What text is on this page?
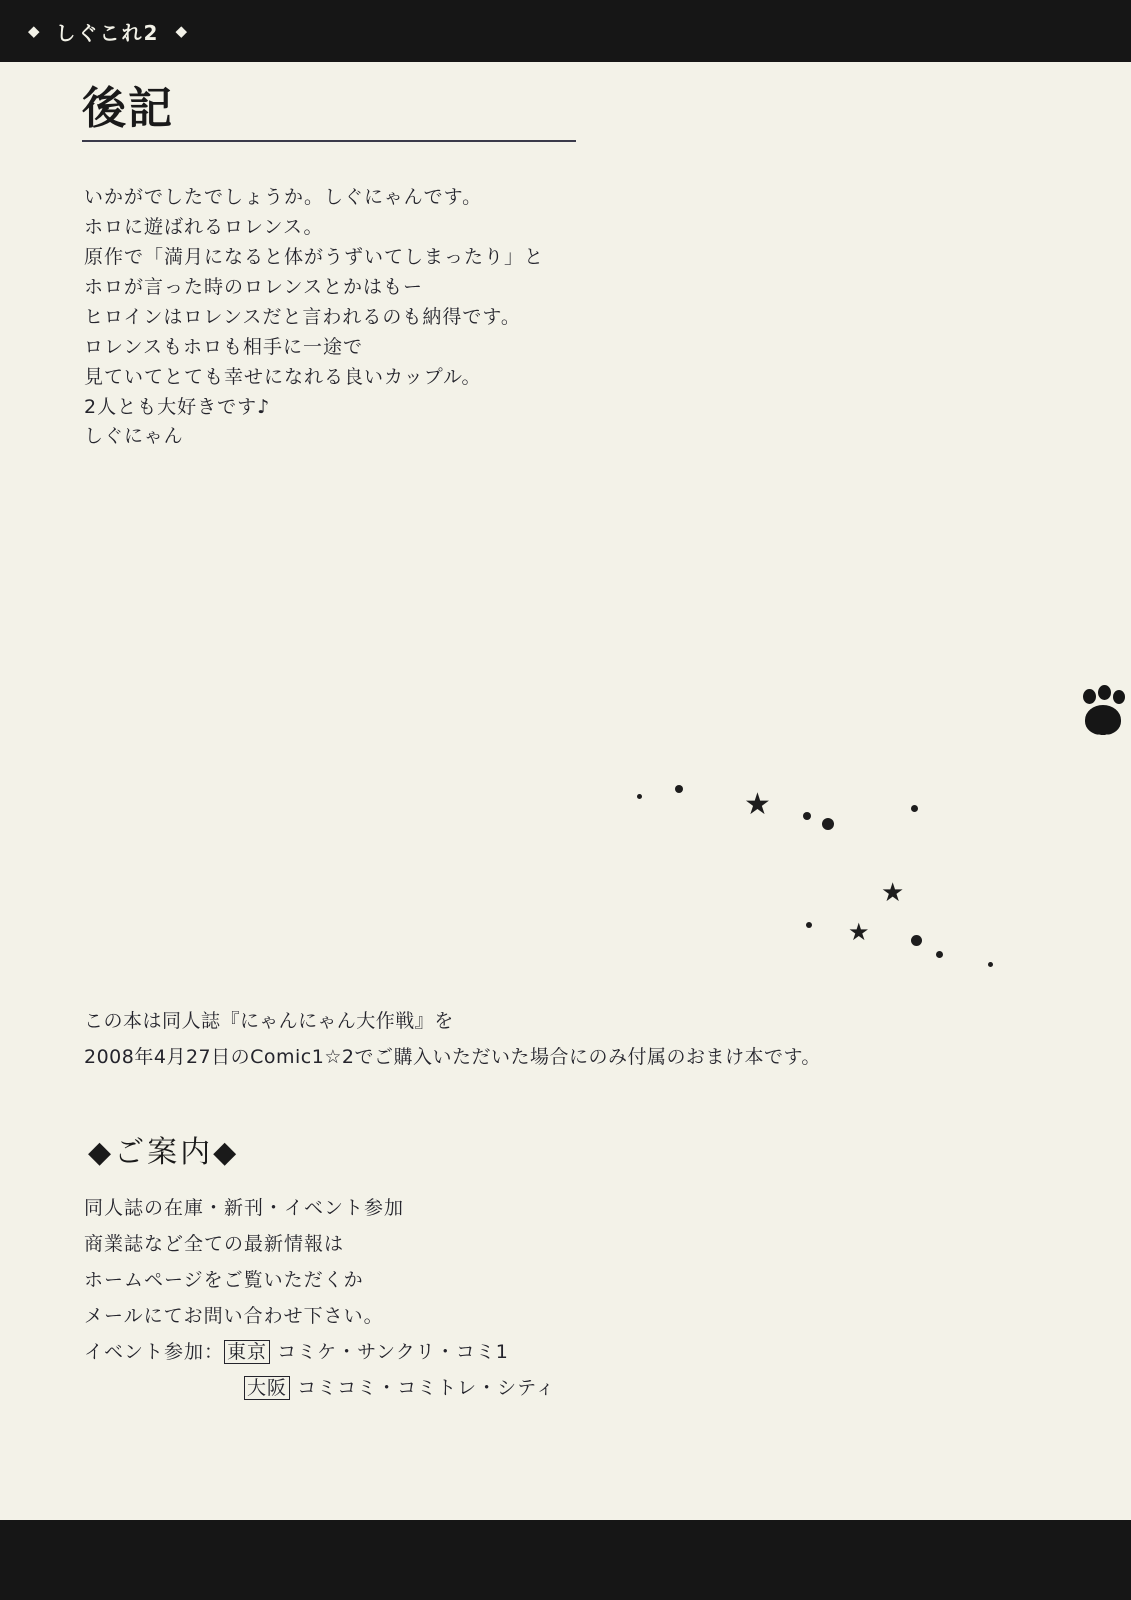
◆ しぐこれ2 ◆
後記

いかがでしたでしょうか。しぐにゃんです。

ホロに遊ばれるロレンス。

原作で「満月になると体がうずいてしまったり」と

ホロが言った時のロレンスとかはもー

ヒロインはロレンスだと言われるのも納得です。

ロレンスもホロも相手に一途で

見ていてとても幸せになれる良いカップル。

2人とも大好きです♪

しぐにゃん
★
★
★
07

この本は同人誌『にゃんにゃん大作戦』を

2008年4月27日のComic1☆2でご購入いただいた場合にのみ付属のおまけ本です。

◆ご案内◆

同人誌の在庫・新刊・イベント参加

商業誌など全ての最新情報は

ホームページをご覧いただくか

メールにてお問い合わせ下さい。

イベント参加： 東京 コミケ・サンクリ・コミ1

大阪 コミコミ・コミトレ・シティ
